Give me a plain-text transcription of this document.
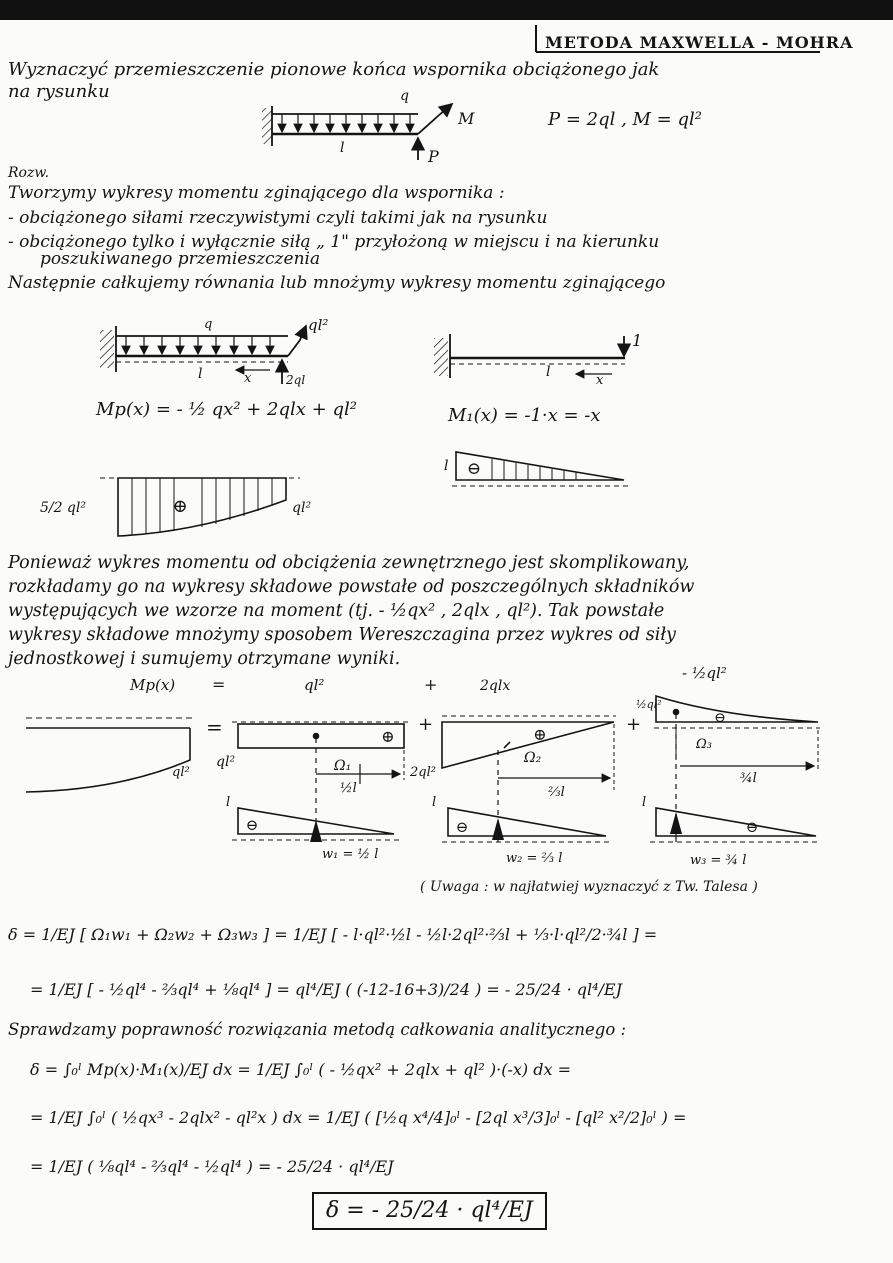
METODA MAXWELLA - MOHRA
Wyznaczyć przemieszczenie pionowe końca wspornika obciążonego jak
na rysunku
P = 2ql , M = ql²
Rozw.
Tworzymy wykresy momentu zginającego dla wspornika :
- obciążonego siłami rzeczywistymi czyli takimi jak na rysunku
- obciążonego tylko i wyłącznie siłą „ 1" przyłożoną w miejscu i na kierunku
poszukiwanego przemieszczenia
Następnie całkujemy równania lub mnożymy wykresy momentu zginającego
Mp(x) = - ½ qx² + 2qlx + ql²	M₁(x) = -1·x = -x
Ponieważ wykres momentu od obciążenia zewnętrznego jest skomplikowany,
rozkładamy go na wykresy składowe powstałe od poszczególnych składników
występujących we wzorze na moment (tj. - ½qx² , 2qlx , ql²). Tak powstałe
wykresy składowe mnożymy sposobem Wereszczagina przez wykres od siły
jednostkowej i sumujemy otrzymane wyniki.
( Uwaga : w najłatwiej wyznaczyć z Tw. Talesa )
δ = 1/EJ [ Ω₁w₁ + Ω₂w₂ + Ω₃w₃ ] = 1/EJ [ - l·ql²·½l - ½l·2ql²·⅔l + ⅓·l·ql²/2·¾l ] =
= 1/EJ [ - ½ql⁴ - ⅔ql⁴ + ⅛ql⁴ ] = ql⁴/EJ ( (-12-16+3)/24 ) = - 25/24 · ql⁴/EJ
Sprawdzamy poprawność rozwiązania metodą całkowania analitycznego :
δ = ∫₀ˡ Mp(x)·M₁(x)/EJ dx = 1/EJ ∫₀ˡ ( - ½qx² + 2qlx + ql² )·(-x) dx =
= 1/EJ ∫₀ˡ ( ½qx³ - 2qlx² - ql²x ) dx = 1/EJ ( [½q x⁴/4]₀ˡ - [2ql x³/3]₀ˡ - [ql² x²/2]₀ˡ ) =
= 1/EJ ( ⅛ql⁴ - ⅔ql⁴ - ½ql⁴ ) = - 25/24 · ql⁴/EJ
δ = - 25/24 · ql⁴/EJ
q
l
M
P
q	ql²
l	x	2ql
1
l
x
5/2 ql²	ql²
⊕
l ⊖
Mp(x) =	ql²	+	2qlx
- ½ql²
ql²
=
ql²
⊕
Ω₁
½l
2ql²
+	⊕
Ω₂
⅔l
+
½ql²
⊖
Ω₃
¾l
l
⊖
w₁ = ½ l
l
⊖
w₂ = ⅔ l
l
⊖
w₃ = ¾ l
